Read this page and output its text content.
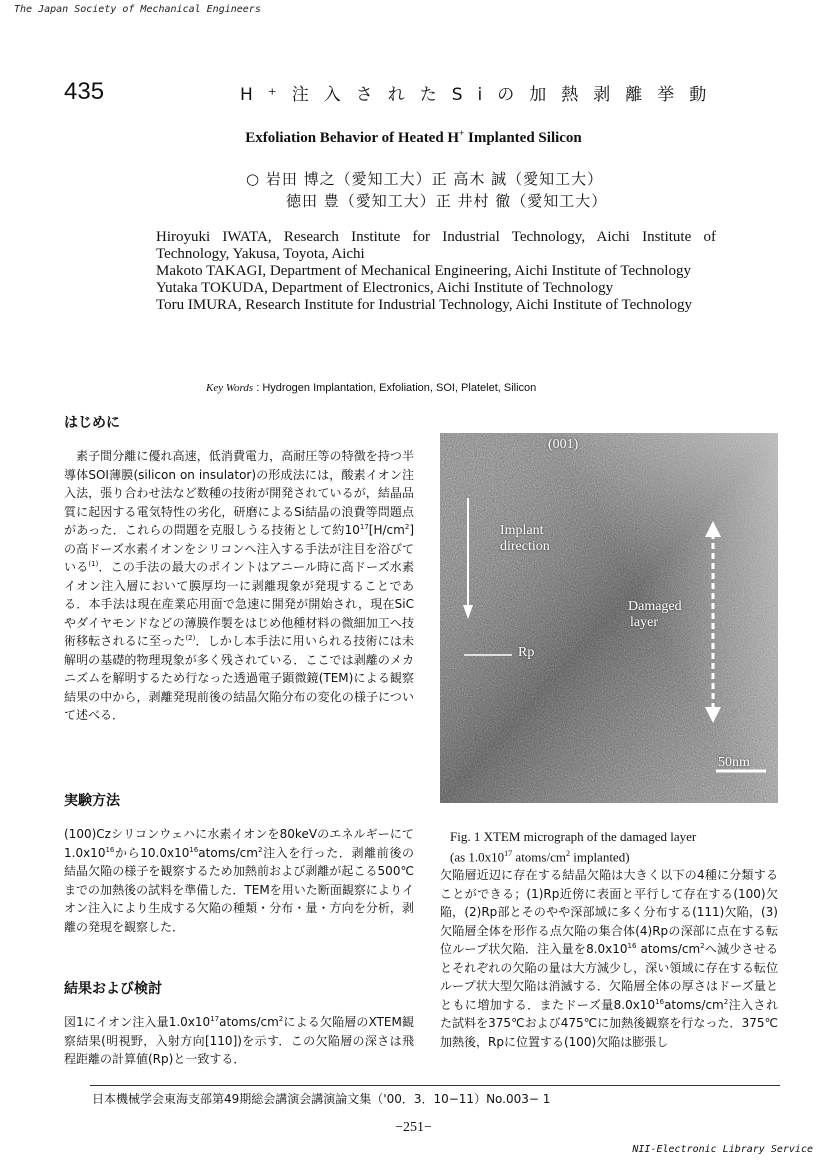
The Japan Society of Mechanical Engineers
435	H⁺注入されたSiの加熱剥離挙動
Exfoliation Behavior of Heated H+ Implanted Silicon
○ 岩田 博之（愛知工大）正 高木 誠（愛知工大）
徳田 豊（愛知工大）正 井村 徹（愛知工大）

Hiroyuki IWATA, Research Institute for Industrial Technology, Aichi Institute of Technology, Yakusa, Toyota, Aichi

Makoto TAKAGI, Department of Mechanical Engineering, Aichi Institute of Technology

Yutaka TOKUDA, Department of Electronics, Aichi Institute of Technology

Toru IMURA, Research Institute for Industrial Technology, Aichi Institute of Technology

Key Words : Hydrogen Implantation, Exfoliation, SOI, Platelet, Silicon
はじめに

素子間分離に優れ高速，低消費電力，高耐圧等の特徴を持つ半導体SOI薄膜(silicon on insulator)の形成法には，酸素イオン注入法，張り合わせ法など数種の技術が開発されているが，結晶品質に起因する電気特性の劣化，研磨によるSi結晶の浪費等問題点があった．これらの問題を克服しうる技術として約$10^{17}[H/cm^2]$の高ドーズ水素イオンをシリコンへ注入する手法が注目を浴びている$^{(1)}$．この手法の最大のポイントはアニール時に高ドーズ水素イオン注入層において膜厚均一に剥離現象が発現することである．本手法は現在産業応用面で急速に開発が開始され，現在SiCやダイヤモンドなどの薄膜作製をはじめ他種材料の微細加工へ技術移転されるに至った$^{(2)}$．しかし本手法に用いられる技術には未解明の基礎的物理現象が多く残されている．ここでは剥離のメカニズムを解明するため行なった透過電子顕微鏡(TEM)による観察結果の中から，剥離発現前後の結晶欠陥分布の変化の様子について述べる．

実験方法

(100)Czシリコンウェハに水素イオンを80keVのエネルギーにて$1.0x10^{16}$から$10.0x10^{16}atoms/cm^2$注入を行った．剥離前後の結晶欠陥の様子を観察するため加熱前および剥離が起こる500℃までの加熱後の試料を準備した．TEMを用いた断面観察によりイオン注入により生成する欠陥の種類・分布・量・方向を分析，剥離の発現を観察した．

結果および検討

図1にイオン注入量$1.0x10^{17}atoms/cm^2$による欠陥層のXTEM観察結果(明視野，入射方向[110])を示す．この欠陥層の深さは飛程距離の計算値(Rp)と一致する．

(001)
Implant
direction
Damaged
layer
Rp
50nm
Fig. 1 XTEM micrograph of the damaged layer
(as $1.0x10^{17}$ atoms/$cm^2$ implanted)

欠陥層近辺に存在する結晶欠陥は大きく以下の4種に分類することができる；(1)Rp近傍に表面と平行して存在する(100)欠陥，(2)Rp部とそのやや深部域に多く分布する(111)欠陥，(3)欠陥層全体を形作る点欠陥の集合体(4)Rpの深部に点在する転位ループ状欠陥．注入量を$8.0x10^{16}$ atoms/$cm^2$へ減少させるとそれぞれの欠陥の量は大方減少し，深い領域に存在する転位ループ状大型欠陥は消滅する．欠陥層全体の厚さはドーズ量とともに増加する．またドーズ量$8.0x10^{16}atoms/cm^2$注入された試料を375℃および475℃に加熱後観察を行なった．375℃加熱後，Rpに位置する(100)欠陥は膨張し

日本機械学会東海支部第49期総会講演会講演論文集（'00．3．10−11）No.003− 1
−251−
NII-Electronic Library Service
